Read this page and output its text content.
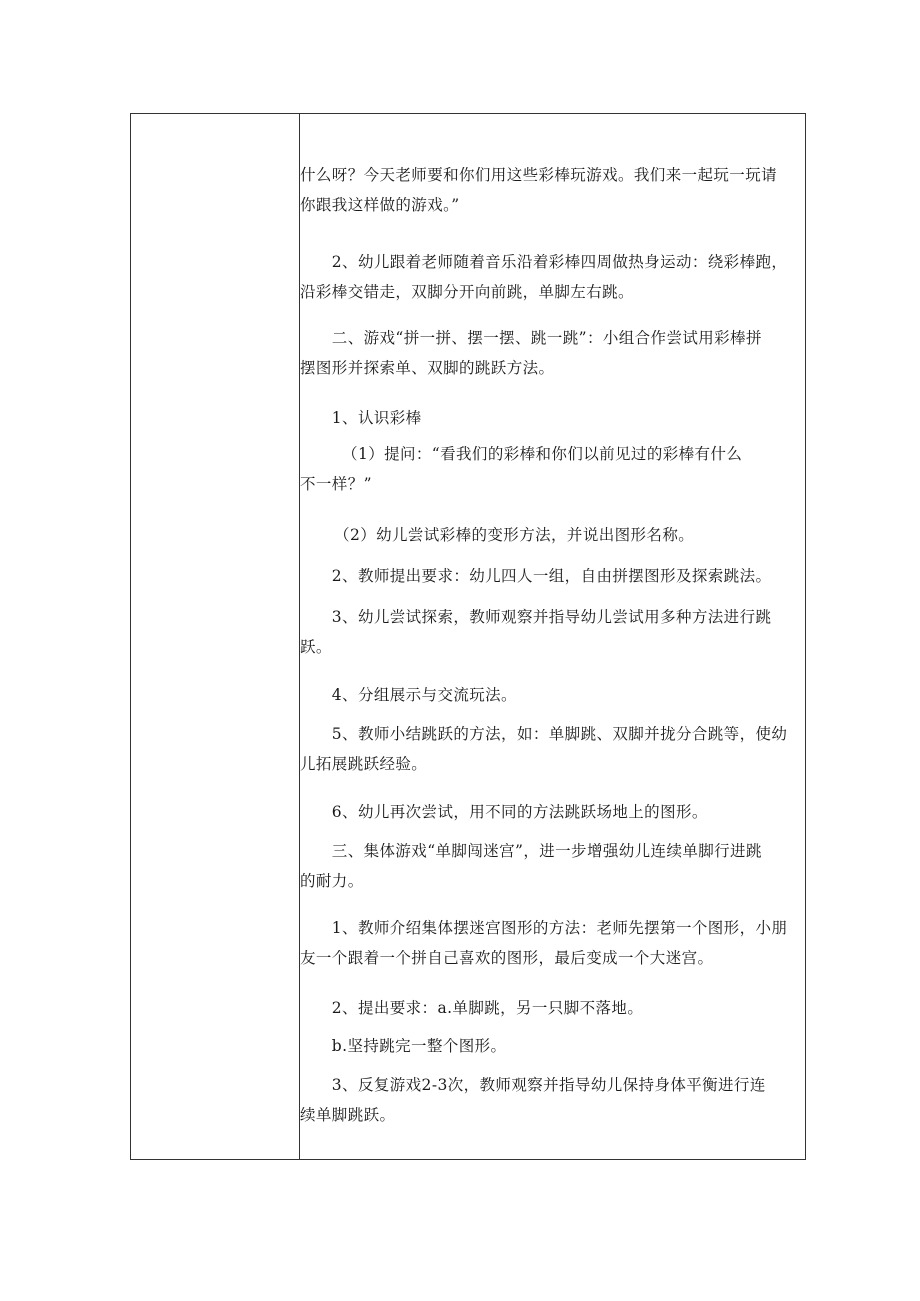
什么呀？今天老师要和你们用这些彩棒玩游戏。我们来一起玩一玩请
你跟我这样做的游戏。”
　　2、幼儿跟着老师随着音乐沿着彩棒四周做热身运动：绕彩棒跑，
沿彩棒交错走，双脚分开向前跳，单脚左右跳。
　　二、游戏“拼一拼、摆一摆、跳一跳”：小组合作尝试用彩棒拼
摆图形并探索单、双脚的跳跃方法。
　　1、认识彩棒
　　（1）提问：“看我们的彩棒和你们以前见过的彩棒有什么
不一样？”
　　（2）幼儿尝试彩棒的变形方法，并说出图形名称。
　　2、教师提出要求：幼儿四人一组，自由拼摆图形及探索跳法。
　　3、幼儿尝试探索，教师观察并指导幼儿尝试用多种方法进行跳
跃。
　　4、分组展示与交流玩法。
　　5、教师小结跳跃的方法，如：单脚跳、双脚并拢分合跳等，使幼
儿拓展跳跃经验。
　　6、幼儿再次尝试，用不同的方法跳跃场地上的图形。
　　三、集体游戏“单脚闯迷宫”，进一步增强幼儿连续单脚行进跳
的耐力。
　　1、教师介绍集体摆迷宫图形的方法：老师先摆第一个图形，小朋
友一个跟着一个拼自己喜欢的图形，最后变成一个大迷宫。
　　2、提出要求：a.单脚跳，另一只脚不落地。
　　b.坚持跳完一整个图形。
　　3、反复游戏2-3次，教师观察并指导幼儿保持身体平衡进行连
续单脚跳跃。
